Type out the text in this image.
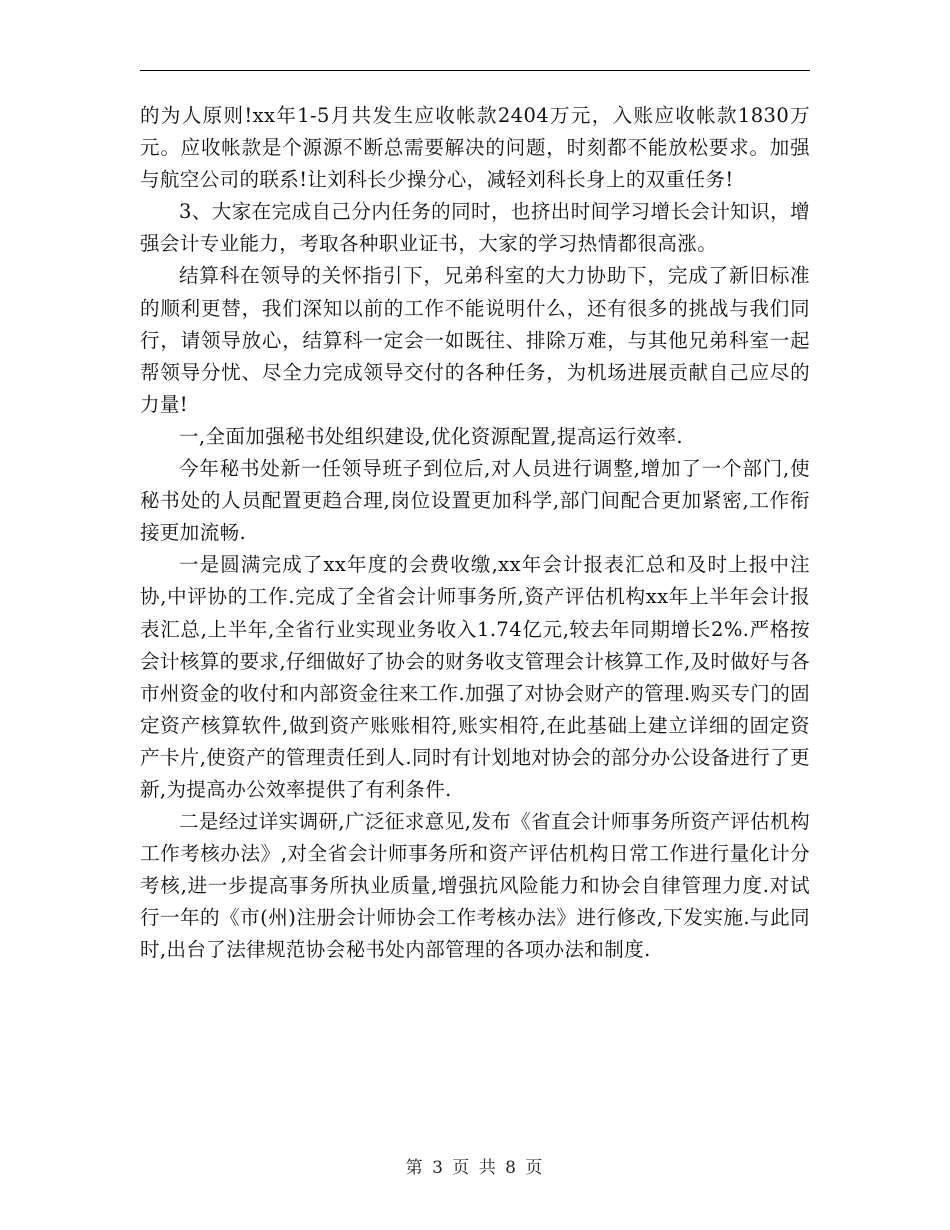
的为人原则!xx年1-5月共发生应收帐款2404万元，入账应收帐款1830万元。应收帐款是个源源不断总需要解决的问题，时刻都不能放松要求。加强与航空公司的联系!让刘科长少操分心，减轻刘科长身上的双重任务!

3、大家在完成自己分内任务的同时，也挤出时间学习增长会计知识，增强会计专业能力，考取各种职业证书，大家的学习热情都很高涨。

结算科在领导的关怀指引下，兄弟科室的大力协助下，完成了新旧标准的顺利更替，我们深知以前的工作不能说明什么，还有很多的挑战与我们同行，请领导放心，结算科一定会一如既往、排除万难，与其他兄弟科室一起帮领导分忧、尽全力完成领导交付的各种任务，为机场进展贡献自己应尽的力量!

一,全面加强秘书处组织建设,优化资源配置,提高运行效率.

今年秘书处新一任领导班子到位后,对人员进行调整,增加了一个部门,使秘书处的人员配置更趋合理,岗位设置更加科学,部门间配合更加紧密,工作衔接更加流畅.

一是圆满完成了xx年度的会费收缴,xx年会计报表汇总和及时上报中注协,中评协的工作.完成了全省会计师事务所,资产评估机构xx年上半年会计报表汇总,上半年,全省行业实现业务收入1.74亿元,较去年同期增长2%.严格按会计核算的要求,仔细做好了协会的财务收支管理会计核算工作,及时做好与各市州资金的收付和内部资金往来工作.加强了对协会财产的管理.购买专门的固定资产核算软件,做到资产账账相符,账实相符,在此基础上建立详细的固定资产卡片,使资产的管理责任到人.同时有计划地对协会的部分办公设备进行了更新,为提高办公效率提供了有利条件.

二是经过详实调研,广泛征求意见,发布《省直会计师事务所资产评估机构工作考核办法》,对全省会计师事务所和资产评估机构日常工作进行量化计分考核,进一步提高事务所执业质量,增强抗风险能力和协会自律管理力度.对试行一年的《市(州)注册会计师协会工作考核办法》进行修改,下发实施.与此同时,出台了法律规范协会秘书处内部管理的各项办法和制度.

第 3 页 共 8 页
